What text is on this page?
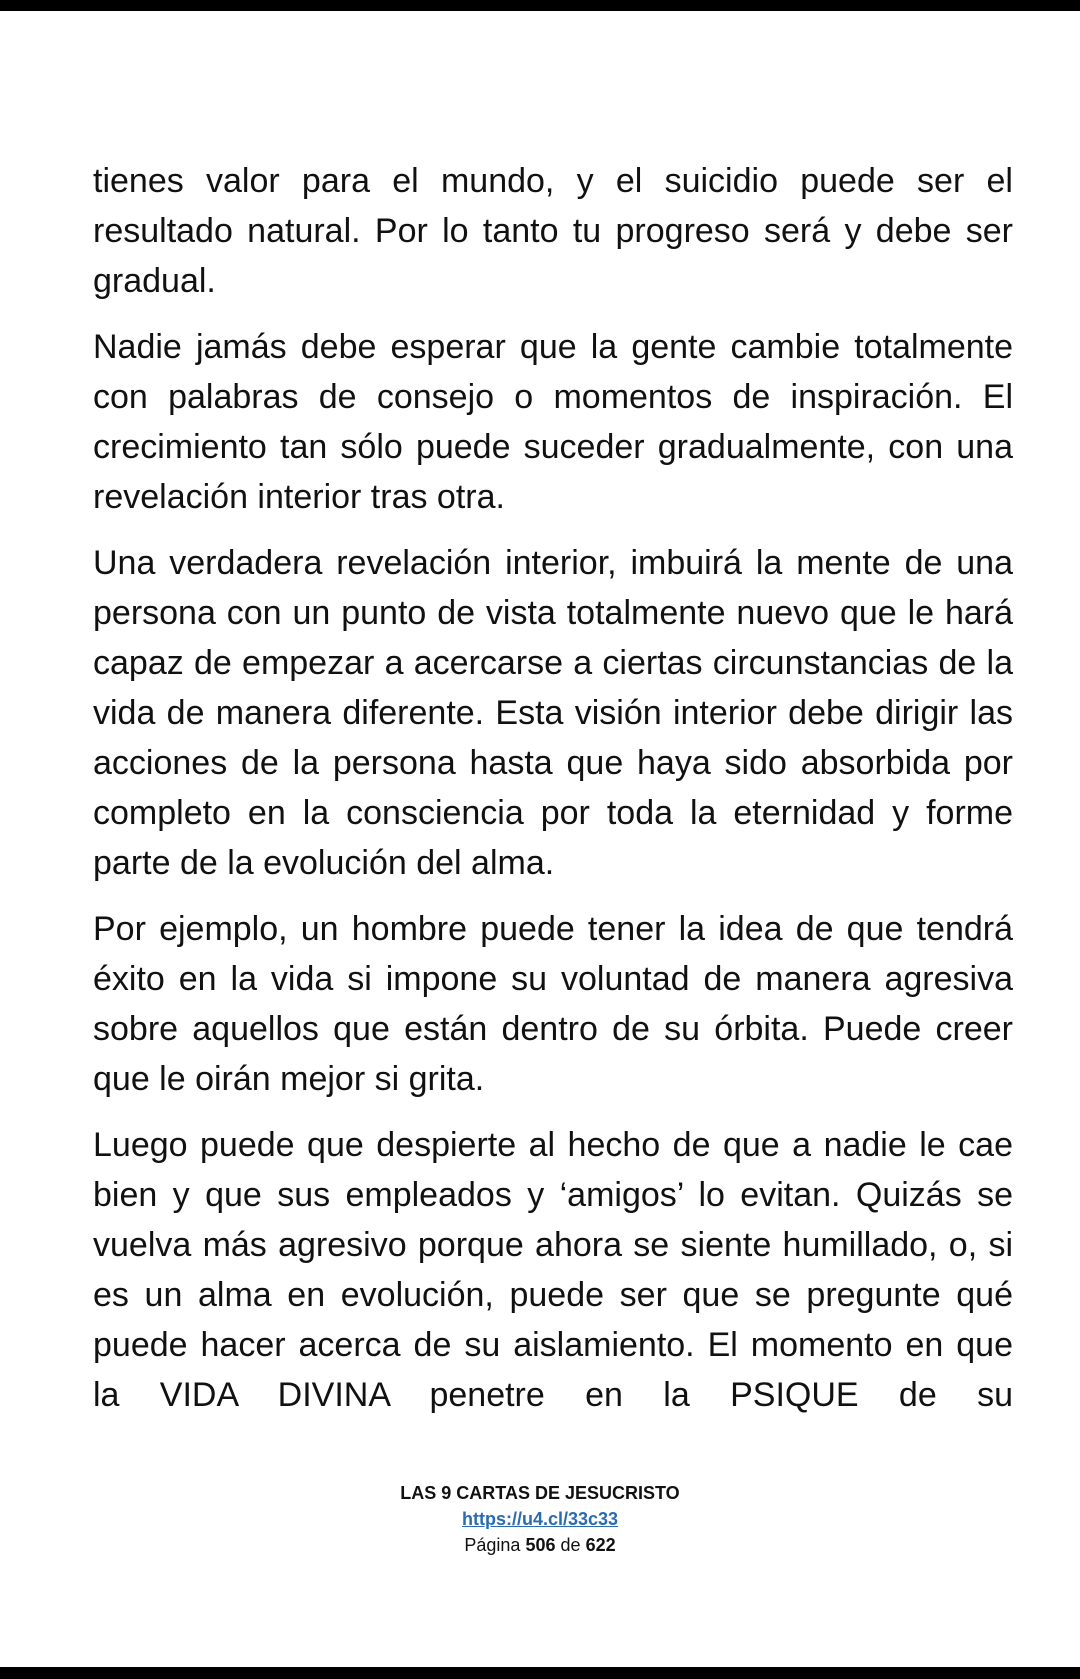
tienes valor para el mundo, y el suicidio puede ser el resultado natural. Por lo tanto tu progreso será y debe ser gradual.

Nadie jamás debe esperar que la gente cambie totalmente con palabras de consejo o momentos de inspiración. El crecimiento tan sólo puede suceder gradualmente, con una revelación interior tras otra.

Una verdadera revelación interior, imbuirá la mente de una persona con un punto de vista totalmente nuevo que le hará capaz de empezar a acercarse a ciertas circunstancias de la vida de manera diferente. Esta visión interior debe dirigir las acciones de la persona hasta que haya sido absorbida por completo en la consciencia por toda la eternidad y forme parte de la evolución del alma.

Por ejemplo, un hombre puede tener la idea de que tendrá éxito en la vida si impone su voluntad de manera agresiva sobre aquellos que están dentro de su órbita. Puede creer que le oirán mejor si grita.

Luego puede que despierte al hecho de que a nadie le cae bien y que sus empleados y ‘amigos’ lo evitan. Quizás se vuelva más agresivo porque ahora se siente humillado, o, si es un alma en evolución, puede ser que se pregunte qué puede hacer acerca de su aislamiento. El momento en que la VIDA DIVINA penetre en la PSIQUE de su

LAS 9 CARTAS DE JESUCRISTO
https://u4.cl/33c33
Página 506 de 622
